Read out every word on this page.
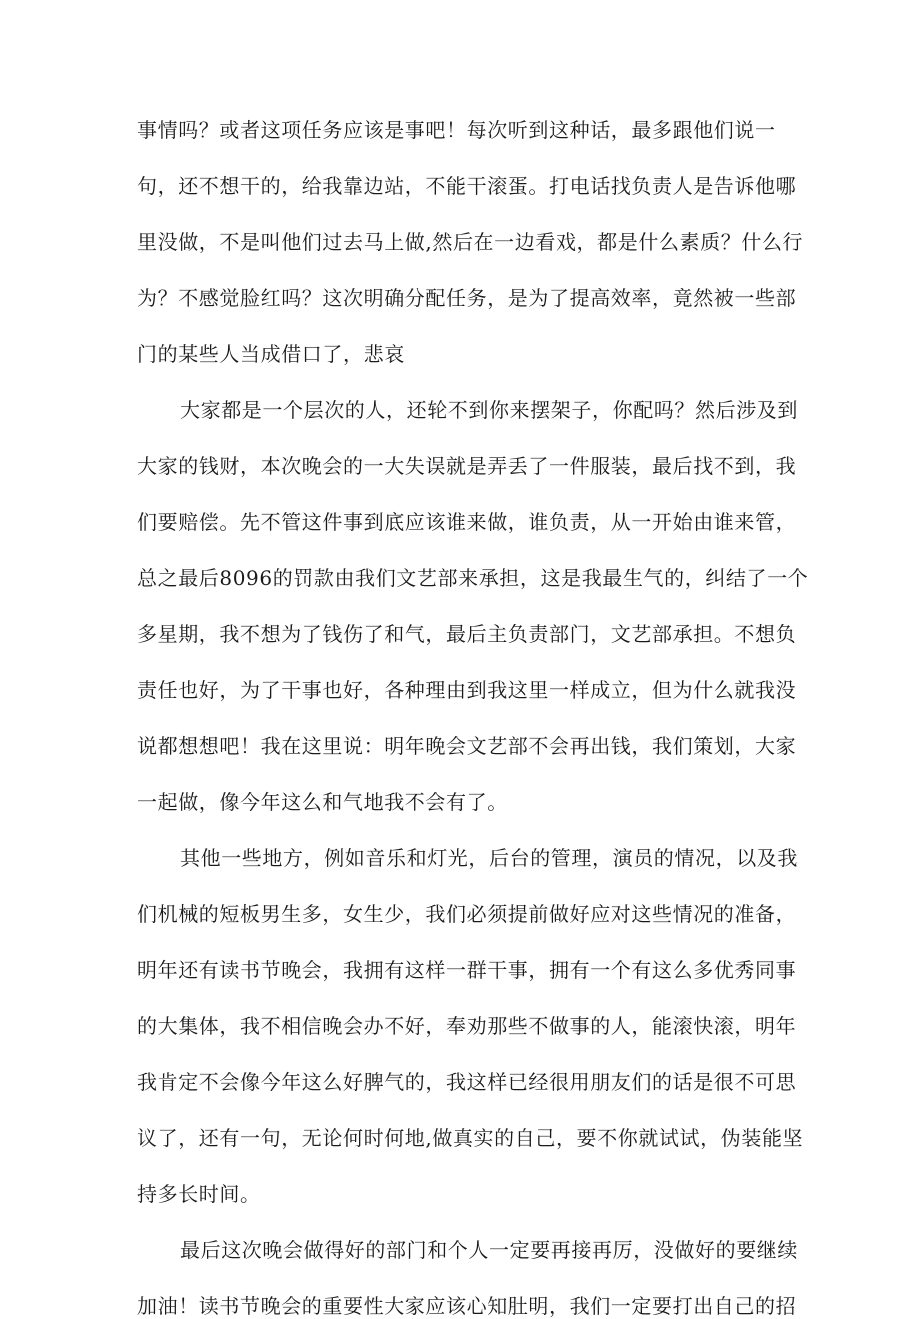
事情吗？或者这项任务应该是事吧！每次听到这种话，最多跟他们说一
句，还不想干的，给我靠边站，不能干滚蛋。打电话找负责人是告诉他哪
里没做，不是叫他们过去马上做,然后在一边看戏，都是什么素质？什么行
为？不感觉脸红吗？这次明确分配任务，是为了提高效率，竟然被一些部
门的某些人当成借口了，悲哀
大家都是一个层次的人，还轮不到你来摆架子，你配吗？然后涉及到
大家的钱财，本次晚会的一大失误就是弄丢了一件服装，最后找不到，我
们要赔偿。先不管这件事到底应该谁来做，谁负责，从一开始由谁来管，
总之最后8096的罚款由我们文艺部来承担，这是我最生气的，纠结了一个
多星期，我不想为了钱伤了和气，最后主负责部门，文艺部承担。不想负
责任也好，为了干事也好，各种理由到我这里一样成立，但为什么就我没
说都想想吧！我在这里说：明年晚会文艺部不会再出钱，我们策划，大家
一起做，像今年这么和气地我不会有了。
其他一些地方，例如音乐和灯光，后台的管理，演员的情况，以及我
们机械的短板男生多，女生少，我们必须提前做好应对这些情况的准备，
明年还有读书节晚会，我拥有这样一群干事，拥有一个有这么多优秀同事
的大集体，我不相信晚会办不好，奉劝那些不做事的人，能滚快滚，明年
我肯定不会像今年这么好脾气的，我这样已经很用朋友们的话是很不可思
议了，还有一句，无论何时何地,做真实的自己，要不你就试试，伪装能坚
持多长时间。
最后这次晚会做得好的部门和个人一定要再接再厉，没做好的要继续
加油！读书节晚会的重要性大家应该心知肚明，我们一定要打出自己的招
